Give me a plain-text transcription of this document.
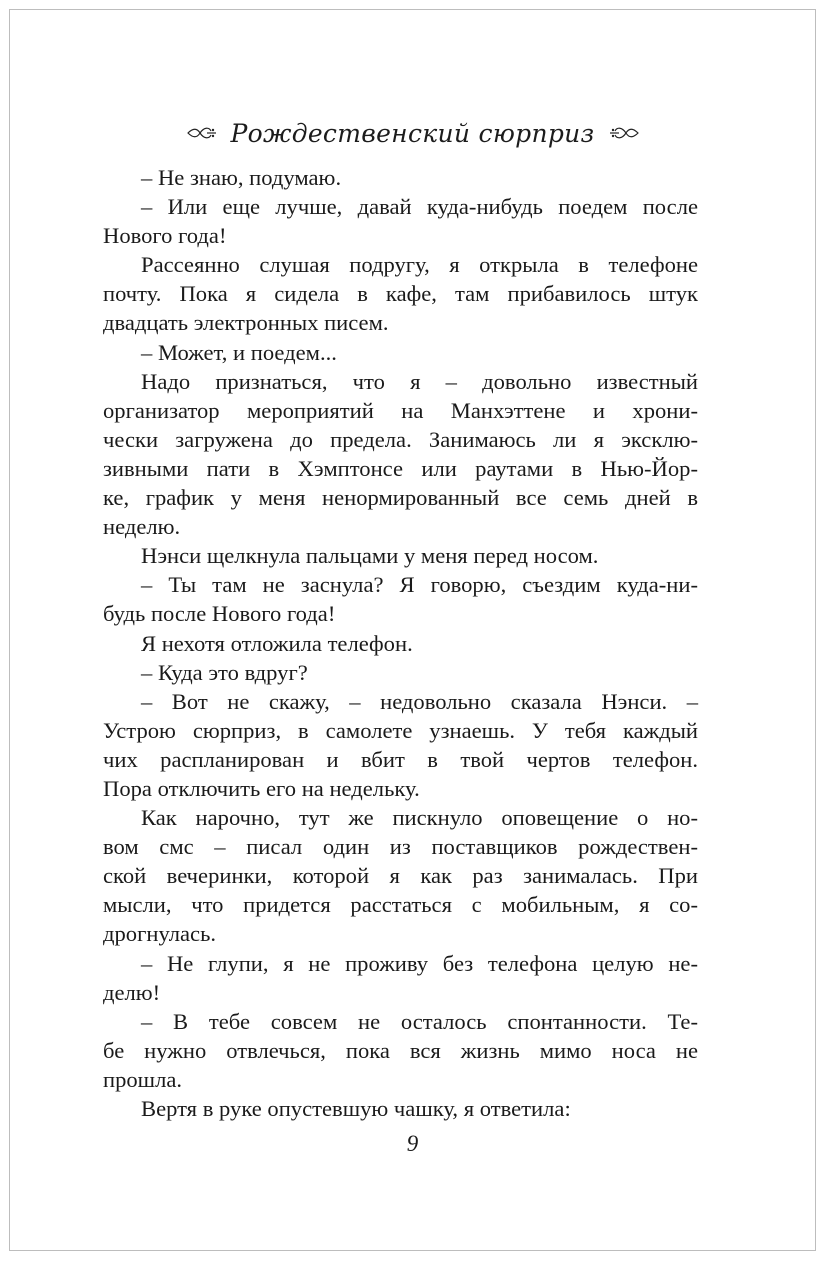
Рождественский сюрприз
– Не знаю, подумаю.
– Или еще лучше, давай куда-нибудь поедем после
Нового года!
Рассеянно слушая подругу, я открыла в телефоне
почту. Пока я сидела в кафе, там прибавилось штук
двадцать электронных писем.
– Может, и поедем...
Надо признаться, что я – довольно известный
организатор мероприятий на Манхэттене и хрони-
чески загружена до предела. Занимаюсь ли я эксклю-
зивными пати в Хэмптонсе или раутами в Нью-Йор-
ке, график у меня ненормированный все семь дней в
неделю.
Нэнси щелкнула пальцами у меня перед носом.
– Ты там не заснула? Я говорю, съездим куда-ни-
будь после Нового года!
Я нехотя отложила телефон.
– Куда это вдруг?
– Вот не скажу, – недовольно сказала Нэнси. –
Устрою сюрприз, в самолете узнаешь. У тебя каждый
чих распланирован и вбит в твой чертов телефон.
Пора отключить его на недельку.
Как нарочно, тут же пискнуло оповещение о но-
вом смс – писал один из поставщиков рождествен-
ской вечеринки, которой я как раз занималась. При
мысли, что придется расстаться с мобильным, я со-
дрогнулась.
– Не глупи, я не проживу без телефона целую не-
делю!
– В тебе совсем не осталось спонтанности. Те-
бе нужно отвлечься, пока вся жизнь мимо носа не
прошла.
Вертя в руке опустевшую чашку, я ответила:
9
